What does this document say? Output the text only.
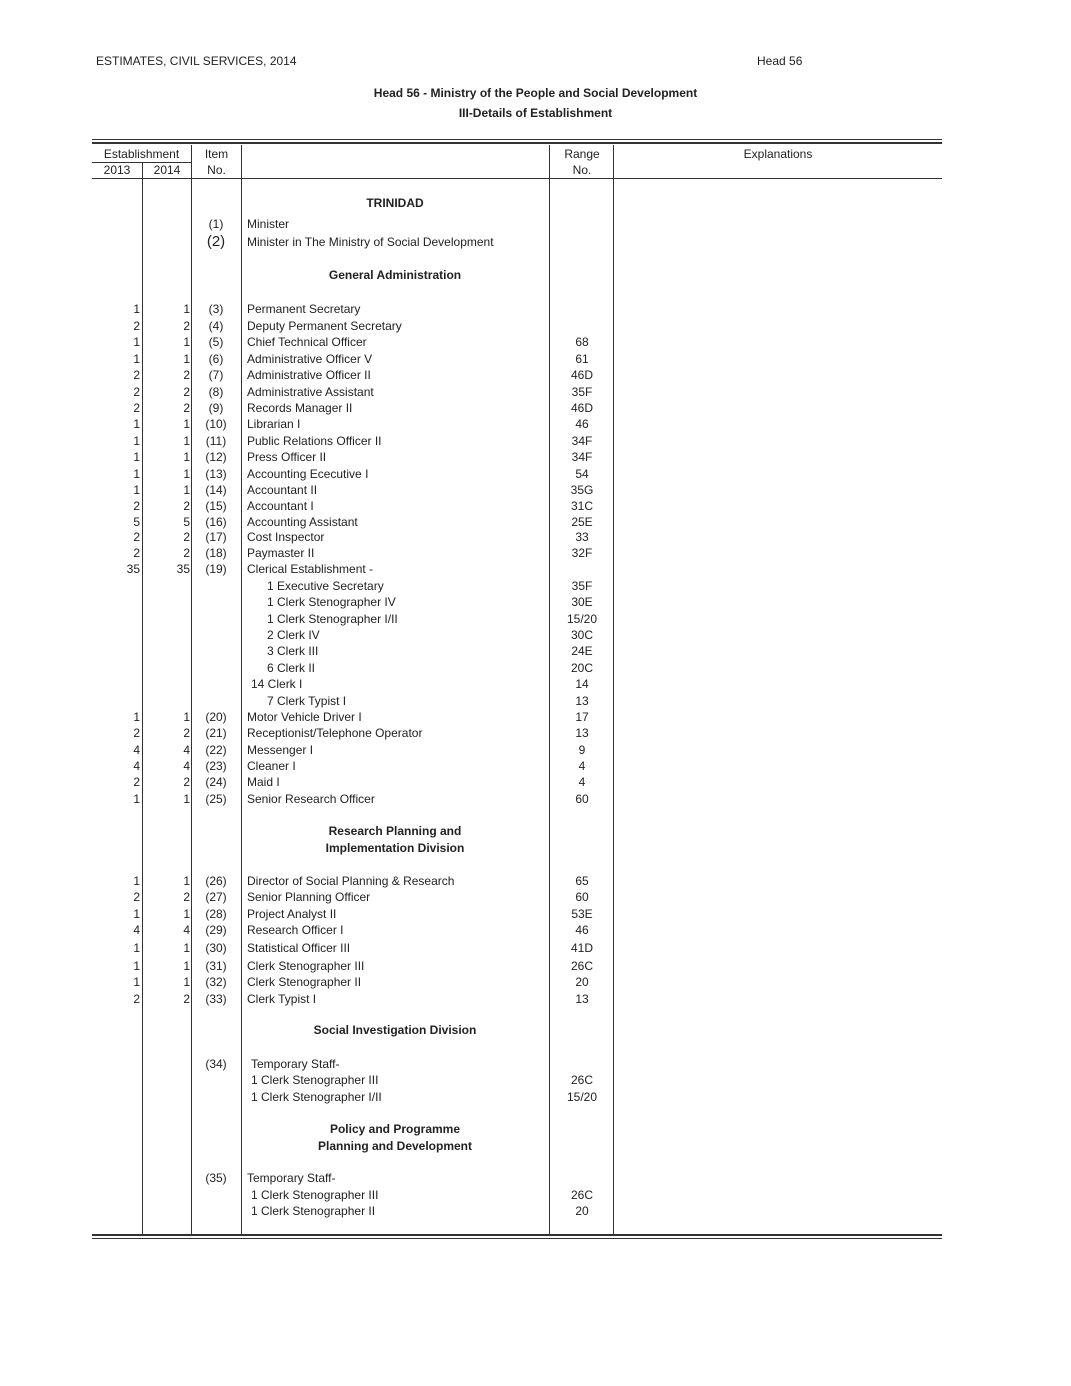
ESTIMATES, CIVIL SERVICES, 2014	Head 56
Head 56 - Ministry of the People and Social Development
III-Details of Establishment
Establishment
2013	2014
Item
No.
Range
No.
Explanations
TRINIDAD
General Administration
Research Planning and
Implementation Division
Social Investigation Division
Policy and Programme
Planning and Development
(1)	Minister
(2)	Minister in The Ministry of Social Development
1	1	(3)	Permanent Secretary
2	2	(4)	Deputy Permanent Secretary
1	1	(5)	Chief Technical Officer	68
1	1	(6)	Administrative Officer V	61
2	2	(7)	Administrative Officer II	46D
2	2	(8)	Administrative Assistant	35F
2	2	(9)	Records Manager II	46D
1	1	(10)	Librarian I	46
1	1	(11)	Public Relations Officer II	34F
1	1	(12)	Press Officer II	34F
1	1	(13)	Accounting Ececutive I	54
1	1	(14)	Accountant II	35G
2	2	(15)	Accountant I	31C
5	5	(16)	Accounting Assistant	25E
2	2	(17)	Cost Inspector	33
2	2	(18)	Paymaster II	32F
35	35	(19)	Clerical Establishment -
1 Executive Secretary	35F
1 Clerk Stenographer IV	30E
1 Clerk Stenographer I/II	15/20
2 Clerk IV	30C
3 Clerk III	24E
6 Clerk II	20C
14 Clerk I	14
7 Clerk Typist I	13
1	1	(20)	Motor Vehicle Driver I	17
2	2	(21)	Receptionist/Telephone Operator	13
4	4	(22)	Messenger I	9
4	4	(23)	Cleaner I	4
2	2	(24)	Maid I	4
1	1	(25)	Senior Research Officer	60
1	1	(26)	Director of Social Planning & Research	65
2	2	(27)	Senior Planning Officer	60
1	1	(28)	Project Analyst II	53E
4	4	(29)	Research Officer I	46
1	1	(30)	Statistical Officer III	41D
1	1	(31)	Clerk Stenographer III	26C
1	1	(32)	Clerk Stenographer II	20
2	2	(33)	Clerk Typist I	13
(34)	Temporary Staff-
1 Clerk Stenographer III	26C
1 Clerk Stenographer I/II	15/20
(35)	Temporary Staff-
1 Clerk Stenographer III	26C
1 Clerk Stenographer II	20
